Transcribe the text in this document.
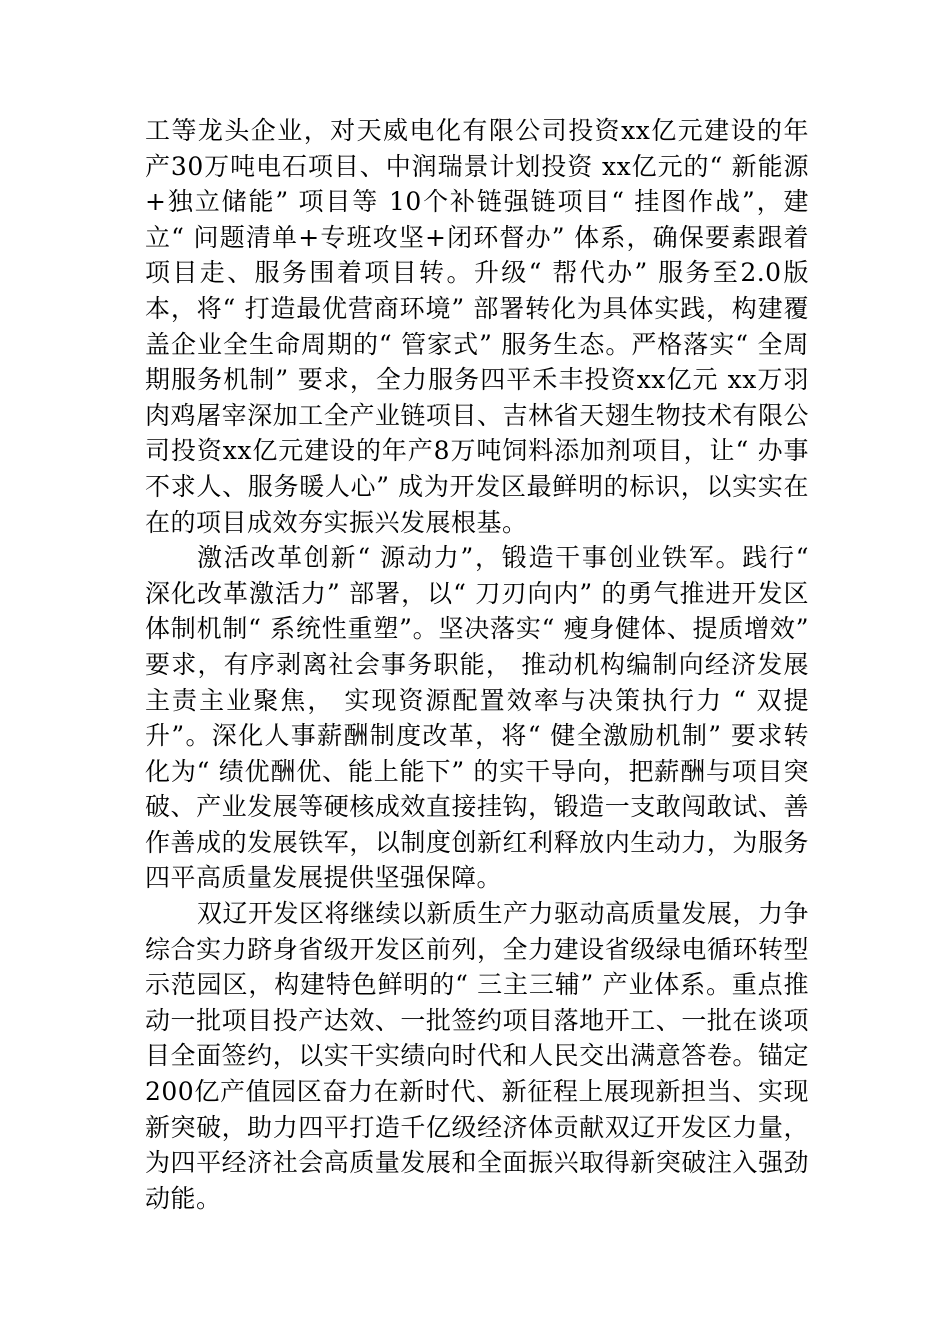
工等龙头企业，对天威电化有限公司投资xx亿元建设的年产30万吨电石项目、中润瑞景计划投资 xx亿元的“ 新能源+独立储能” 项目等 10个补链强链项目“ 挂图作战”，建立“ 问题清单+专班攻坚+闭环督办” 体系，确保要素跟着项目走、服务围着项目转。升级“ 帮代办” 服务至2.0版本，将“ 打造最优营商环境” 部署转化为具体实践，构建覆盖企业全生命周期的“ 管家式” 服务生态。严格落实“ 全周期服务机制” 要求，全力服务四平禾丰投资xx亿元 xx万羽肉鸡屠宰深加工全产业链项目、吉林省天翅生物技术有限公司投资xx亿元建设的年产8万吨饲料添加剂项目，让“ 办事不求人、服务暖人心” 成为开发区最鲜明的标识，以实实在在的项目成效夯实振兴发展根基。

激活改革创新“ 源动力”，锻造干事创业铁军。践行“ 深化改革激活力” 部署，以“ 刀刃向内” 的勇气推进开发区体制机制“ 系统性重塑”。坚决落实“ 瘦身健体、提质增效” 要求，有序剥离社会事务职能， 推动机构编制向经济发展主责主业聚焦， 实现资源配置效率与决策执行力 “ 双提升”。深化人事薪酬制度改革，将“ 健全激励机制” 要求转化为“ 绩优酬优、能上能下” 的实干导向，把薪酬与项目突破、产业发展等硬核成效直接挂钩，锻造一支敢闯敢试、善作善成的发展铁军，以制度创新红利释放内生动力，为服务四平高质量发展提供坚强保障。

双辽开发区将继续以新质生产力驱动高质量发展，力争综合实力跻身省级开发区前列，全力建设省级绿电循环转型示范园区，构建特色鲜明的“ 三主三辅” 产业体系。重点推动一批项目投产达效、一批签约项目落地开工、一批在谈项目全面签约，以实干实绩向时代和人民交出满意答卷。锚定200亿产值园区奋力在新时代、新征程上展现新担当、实现新突破，助力四平打造千亿级经济体贡献双辽开发区力量，为四平经济社会高质量发展和全面振兴取得新突破注入强劲动能。
